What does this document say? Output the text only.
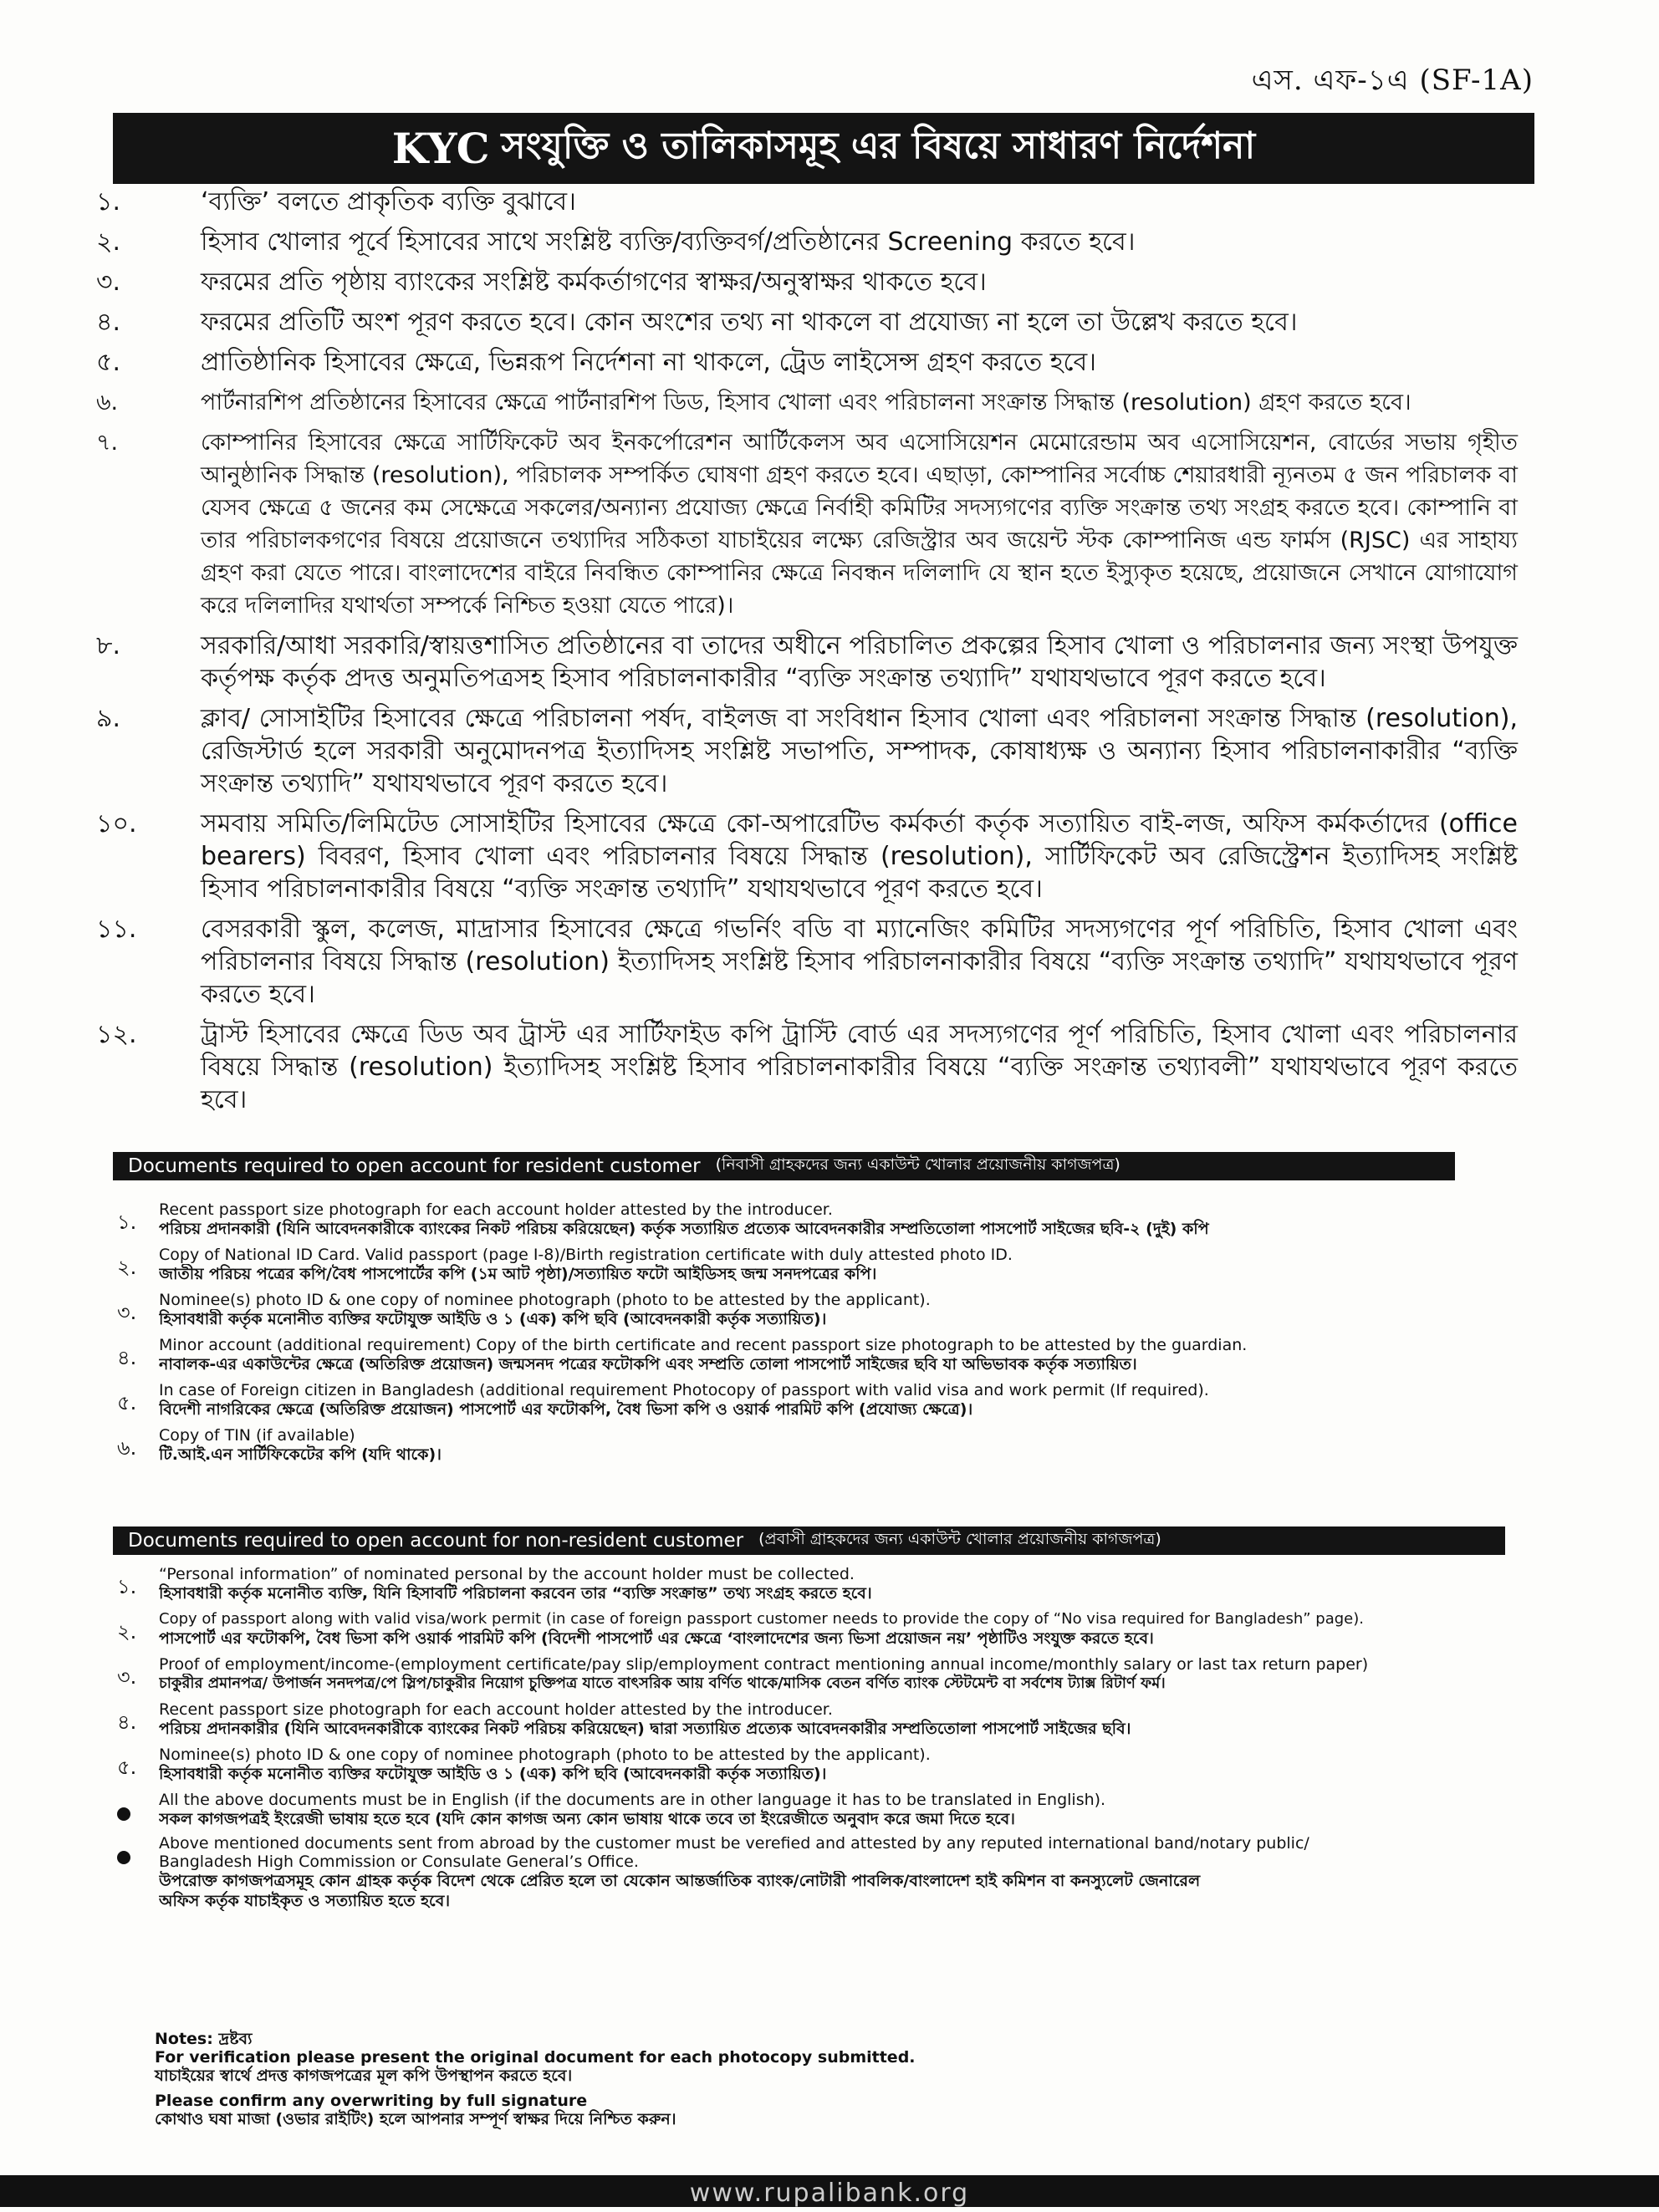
এস. এফ-১এ (SF-1A)
KYC সংযুক্তি ও তালিকাসমূহ এর বিষয়ে সাধারণ নির্দেশনা
১.	‘ব্যক্তি’ বলতে প্রাকৃতিক ব্যক্তি বুঝাবে।
২.	হিসাব খোলার পূর্বে হিসাবের সাথে সংশ্লিষ্ট ব্যক্তি/ব্যক্তিবর্গ/প্রতিষ্ঠানের Screening করতে হবে।
৩.	ফরমের প্রতি পৃষ্ঠায় ব্যাংকের সংশ্লিষ্ট কর্মকর্তাগণের স্বাক্ষর/অনুস্বাক্ষর থাকতে হবে।
৪.	ফরমের প্রতিটি অংশ পূরণ করতে হবে। কোন অংশের তথ্য না থাকলে বা প্রযোজ্য না হলে তা উল্লেখ করতে হবে।
৫.	প্রাতিষ্ঠানিক হিসাবের ক্ষেত্রে, ভিন্নরূপ নির্দেশনা না থাকলে, ট্রেড লাইসেন্স গ্রহণ করতে হবে।
৬.	পার্টনারশিপ প্রতিষ্ঠানের হিসাবের ক্ষেত্রে পার্টনারশিপ ডিড, হিসাব খোলা এবং পরিচালনা সংক্রান্ত সিদ্ধান্ত (resolution) গ্রহণ করতে হবে।
৭.	কোম্পানির হিসাবের ক্ষেত্রে সার্টিফিকেট অব ইনকর্পোরেশন আর্টিকেলস অব এসোসিয়েশন মেমোরেন্ডাম অব এসোসিয়েশন, বোর্ডের সভায় গৃহীত আনুষ্ঠানিক সিদ্ধান্ত (resolution), পরিচালক সম্পর্কিত ঘোষণা গ্রহণ করতে হবে। এছাড়া, কোম্পানির সর্বোচ্চ শেয়ারধারী ন্যূনতম ৫ জন পরিচালক বা যেসব ক্ষেত্রে ৫ জনের কম সেক্ষেত্রে সকলের/অন্যান্য প্রযোজ্য ক্ষেত্রে নির্বাহী কমিটির সদস্যগণের ব্যক্তি সংক্রান্ত তথ্য সংগ্রহ করতে হবে। কোম্পানি বা তার পরিচালকগণের বিষয়ে প্রয়োজনে তথ্যাদির সঠিকতা যাচাইয়ের লক্ষ্যে রেজিস্ট্রার অব জয়েন্ট স্টক কোম্পানিজ এন্ড ফার্মস (RJSC) এর সাহায্য গ্রহণ করা যেতে পারে। বাংলাদেশের বাইরে নিবন্ধিত কোম্পানির ক্ষেত্রে নিবন্ধন দলিলাদি যে স্থান হতে ইস্যুকৃত হয়েছে, প্রয়োজনে সেখানে যোগাযোগ করে দলিলাদির যথার্থতা সম্পর্কে নিশ্চিত হওয়া যেতে পারে)।
৮.	সরকারি/আধা সরকারি/স্বায়ত্তশাসিত প্রতিষ্ঠানের বা তাদের অধীনে পরিচালিত প্রকল্পের হিসাব খোলা ও পরিচালনার জন্য সংস্থা উপযুক্ত কর্তৃপক্ষ কর্তৃক প্রদত্ত অনুমতিপত্রসহ হিসাব পরিচালনাকারীর “ব্যক্তি সংক্রান্ত তথ্যাদি” যথাযথভাবে পূরণ করতে হবে।
৯.	ক্লাব/ সোসাইটির হিসাবের ক্ষেত্রে পরিচালনা পর্ষদ, বাইলজ বা সংবিধান হিসাব খোলা এবং পরিচালনা সংক্রান্ত সিদ্ধান্ত (resolution), রেজিস্টার্ড হলে সরকারী অনুমোদনপত্র ইত্যাদিসহ সংশ্লিষ্ট সভাপতি, সম্পাদক, কোষাধ্যক্ষ ও অন্যান্য হিসাব পরিচালনাকারীর “ব্যক্তি সংক্রান্ত তথ্যাদি” যথাযথভাবে পূরণ করতে হবে।
১০.	সমবায় সমিতি/লিমিটেড সোসাইটির হিসাবের ক্ষেত্রে কো-অপারেটিভ কর্মকর্তা কর্তৃক সত্যায়িত বাই-লজ, অফিস কর্মকর্তাদের (office bearers) বিবরণ, হিসাব খোলা এবং পরিচালনার বিষয়ে সিদ্ধান্ত (resolution), সার্টিফিকেট অব রেজিস্ট্রেশন ইত্যাদিসহ সংশ্লিষ্ট হিসাব পরিচালনাকারীর বিষয়ে “ব্যক্তি সংক্রান্ত তথ্যাদি” যথাযথভাবে পূরণ করতে হবে।
১১.	বেসরকারী স্কুল, কলেজ, মাদ্রাসার হিসাবের ক্ষেত্রে গভর্নিং বডি বা ম্যানেজিং কমিটির সদস্যগণের পূর্ণ পরিচিতি, হিসাব খোলা এবং পরিচালনার বিষয়ে সিদ্ধান্ত (resolution) ইত্যাদিসহ সংশ্লিষ্ট হিসাব পরিচালনাকারীর বিষয়ে “ব্যক্তি সংক্রান্ত তথ্যাদি” যথাযথভাবে পূরণ করতে হবে।
১২.	ট্রাস্ট হিসাবের ক্ষেত্রে ডিড অব ট্রাস্ট এর সার্টিফাইড কপি ট্রাস্টি বোর্ড এর সদস্যগণের পূর্ণ পরিচিতি, হিসাব খোলা এবং পরিচালনার বিষয়ে সিদ্ধান্ত (resolution) ইত্যাদিসহ সংশ্লিষ্ট হিসাব পরিচালনাকারীর বিষয়ে “ব্যক্তি সংক্রান্ত তথ্যাবলী” যথাযথভাবে পূরণ করতে হবে।
Documents required to open account for resident customer (নিবাসী গ্রাহকদের জন্য একাউন্ট খোলার প্রয়োজনীয় কাগজপত্র)
১.
Recent passport size photograph for each account holder attested by the introducer.
পরিচয় প্রদানকারী (যিনি আবেদনকারীকে ব্যাংকের নিকট পরিচয় করিয়েছেন) কর্তৃক সত্যায়িত প্রত্যেক আবেদনকারীর সম্প্রতিতোলা পাসপোর্ট সাইজের ছবি-২ (দুই) কপি
২.
Copy of National ID Card. Valid passport (page I-8)/Birth registration certificate with duly attested photo ID.
জাতীয় পরিচয় পত্রের কপি/বৈধ পাসপোর্টের কপি (১ম আট পৃষ্ঠা)/সত্যায়িত ফটো আইডিসহ জন্ম সনদপত্রের কপি।
৩.
Nominee(s) photo ID & one copy of nominee photograph (photo to be attested by the applicant).
হিসাবধারী কর্তৃক মনোনীত ব্যক্তির ফটোযুক্ত আইডি ও ১ (এক) কপি ছবি (আবেদনকারী কর্তৃক সত্যায়িত)।
৪.
Minor account (additional requirement) Copy of the birth certificate and recent passport size photograph to be attested by the guardian.
নাবালক-এর একাউন্টের ক্ষেত্রে (অতিরিক্ত প্রয়োজন) জন্মসনদ পত্রের ফটোকপি এবং সম্প্রতি তোলা পাসপোর্ট সাইজের ছবি যা অভিভাবক কর্তৃক সত্যায়িত।
৫.
In case of Foreign citizen in Bangladesh (additional requirement Photocopy of passport with valid visa and work permit (If required).
বিদেশী নাগরিকের ক্ষেত্রে (অতিরিক্ত প্রয়োজন) পাসপোর্ট এর ফটোকপি, বৈধ ভিসা কপি ও ওয়ার্ক পারমিট কপি (প্রযোজ্য ক্ষেত্রে)।
৬.
Copy of TIN (if available)
টি.আই.এন সার্টিফিকেটের কপি (যদি থাকে)।
Documents required to open account for non-resident customer (প্রবাসী গ্রাহকদের জন্য একাউন্ট খোলার প্রয়োজনীয় কাগজপত্র)
১.
“Personal information” of nominated personal by the account holder must be collected.
হিসাবধারী কর্তৃক মনোনীত ব্যক্তি, যিনি হিসাবটি পরিচালনা করবেন তার “ব্যক্তি সংক্রান্ত” তথ্য সংগ্রহ করতে হবে।
২.
Copy of passport along with valid visa/work permit (in case of foreign passport customer needs to provide the copy of “No visa required for Bangladesh” page).
পাসপোর্ট এর ফটোকপি, বৈধ ভিসা কপি ওয়ার্ক পারমিট কপি (বিদেশী পাসপোর্ট এর ক্ষেত্রে ‘বাংলাদেশের জন্য ভিসা প্রয়োজন নয়’ পৃষ্ঠাটিও সংযুক্ত করতে হবে।
৩.
Proof of employment/income-(employment certificate/pay slip/employment contract mentioning annual income/monthly salary or last tax return paper)
চাকুরীর প্রমানপত্র/ উপার্জন সনদপত্র/পে স্লিপ/চাকুরীর নিয়োগ চুক্তিপত্র যাতে বাৎসরিক আয় বর্ণিত থাকে/মাসিক বেতন বর্ণিত ব্যাংক স্টেটমেন্ট বা সর্বশেষ ট্যাক্স রিটার্ণ ফর্ম।
৪.
Recent passport size photograph for each account holder attested by the introducer.
পরিচয় প্রদানকারীর (যিনি আবেদনকারীকে ব্যাংকের নিকট পরিচয় করিয়েছেন) দ্বারা সত্যায়িত প্রত্যেক আবেদনকারীর সম্প্রতিতোলা পাসপোর্ট সাইজের ছবি।
৫.
Nominee(s) photo ID & one copy of nominee photograph (photo to be attested by the applicant).
হিসাবধারী কর্তৃক মনোনীত ব্যক্তির ফটোযুক্ত আইডি ও ১ (এক) কপি ছবি (আবেদনকারী কর্তৃক সত্যায়িত)।
All the above documents must be in English (if the documents are in other language it has to be translated in English).
সকল কাগজপত্রই ইংরেজী ভাষায় হতে হবে (যদি কোন কাগজ অন্য কোন ভাষায় থাকে তবে তা ইংরেজীতে অনুবাদ করে জমা দিতে হবে।
Above mentioned documents sent from abroad by the customer must be verefied and attested by any reputed international band/notary public/
Bangladesh High Commission or Consulate General’s Office.
উপরোক্ত কাগজপত্রসমূহ কোন গ্রাহক কর্তৃক বিদেশ থেকে প্রেরিত হলে তা যেকোন আন্তর্জাতিক ব্যাংক/নোটারী পাবলিক/বাংলাদেশ হাই কমিশন বা কনস্যুলেট জেনারেল
অফিস কর্তৃক যাচাইকৃত ও সত্যায়িত হতে হবে।
Notes: দ্রষ্টব্য
For verification please present the original document for each photocopy submitted.
যাচাইয়ের স্বার্থে প্রদত্ত কাগজপত্রের মূল কপি উপস্থাপন করতে হবে।
Please confirm any overwriting by full signature
কোথাও ঘষা মাজা (ওভার রাইটিং) হলে আপনার সম্পূর্ণ স্বাক্ষর দিয়ে নিশ্চিত করুন।
www.rupalibank.org
